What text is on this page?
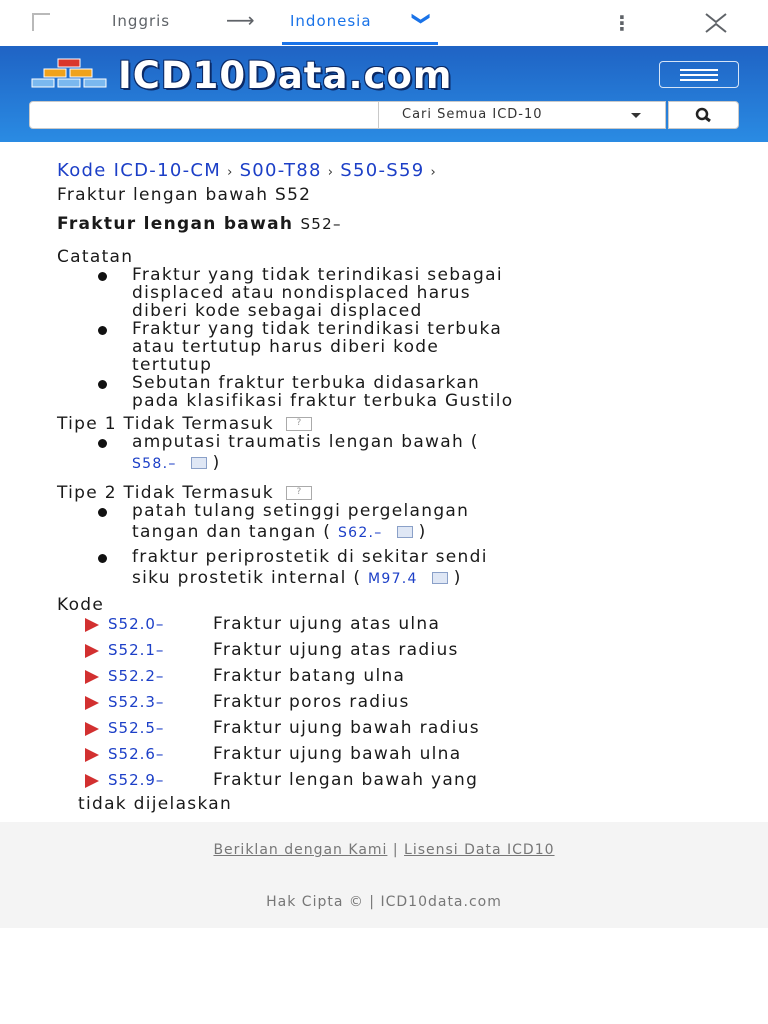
Inggris	⟶ Indonesia ❯	⋮
ICD10Data.com
Cari Semua ICD-10
Kode ICD-10-CM › S00-T88 › S50-S59 ›
Fraktur lengan bawah S52
Fraktur lengan bawah S52–
Catatan
Fraktur yang tidak terindikasi sebagai
displaced atau nondisplaced harus
diberi kode sebagai displaced
Fraktur yang tidak terindikasi terbuka
atau tertutup harus diberi kode
tertutup
Sebutan fraktur terbuka didasarkan
pada klasifikasi fraktur terbuka Gustilo
Tipe 1 Tidak Termasuk	?
amputasi traumatis lengan bawah (
S58.– )
Tipe 2 Tidak Termasuk	?
patah tulang setinggi pergelangan
tangan dan tangan ( S62.– )
fraktur periprostetik di sekitar sendi
siku prostetik internal ( M97.4 )
Kode
S52.0–	Fraktur ujung atas ulna
S52.1–	Fraktur ujung atas radius
S52.2–	Fraktur batang ulna
S52.3–	Fraktur poros radius
S52.5–	Fraktur ujung bawah radius
S52.6–	Fraktur ujung bawah ulna
S52.9–	Fraktur lengan bawah yang
tidak dijelaskan
Beriklan dengan Kami | Lisensi Data ICD10
Hak Cipta © | ICD10data.com
